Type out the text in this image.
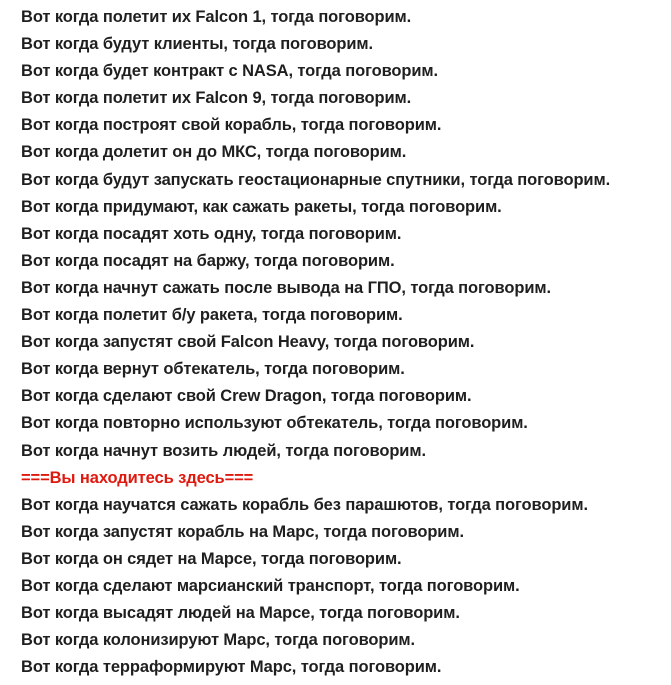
Вот когда полетит их Falcon 1, тогда поговорим.
Вот когда будут клиенты, тогда поговорим.
Вот когда будет контракт с NASA, тогда поговорим.
Вот когда полетит их Falcon 9, тогда поговорим.
Вот когда построят свой корабль, тогда поговорим.
Вот когда долетит он до МКС, тогда поговорим.
Вот когда будут запускать геостационарные спутники, тогда поговорим.
Вот когда придумают, как сажать ракеты, тогда поговорим.
Вот когда посадят хоть одну, тогда поговорим.
Вот когда посадят на баржу, тогда поговорим.
Вот когда начнут сажать после вывода на ГПО, тогда поговорим.
Вот когда полетит б/у ракета, тогда поговорим.
Вот когда запустят свой Falcon Heavy, тогда поговорим.
Вот когда вернут обтекатель, тогда поговорим.
Вот когда сделают свой Crew Dragon, тогда поговорим.
Вот когда повторно используют обтекатель, тогда поговорим.
Вот когда начнут возить людей, тогда поговорим.
===Вы находитесь здесь===
Вот когда научатся сажать корабль без парашютов, тогда поговорим.
Вот когда запустят корабль на Марс, тогда поговорим.
Вот когда он сядет на Марсе, тогда поговорим.
Вот когда сделают марсианский транспорт, тогда поговорим.
Вот когда высадят людей на Марсе, тогда поговорим.
Вот когда колонизируют Марс, тогда поговорим.
Вот когда терраформируют Марс, тогда поговорим.
